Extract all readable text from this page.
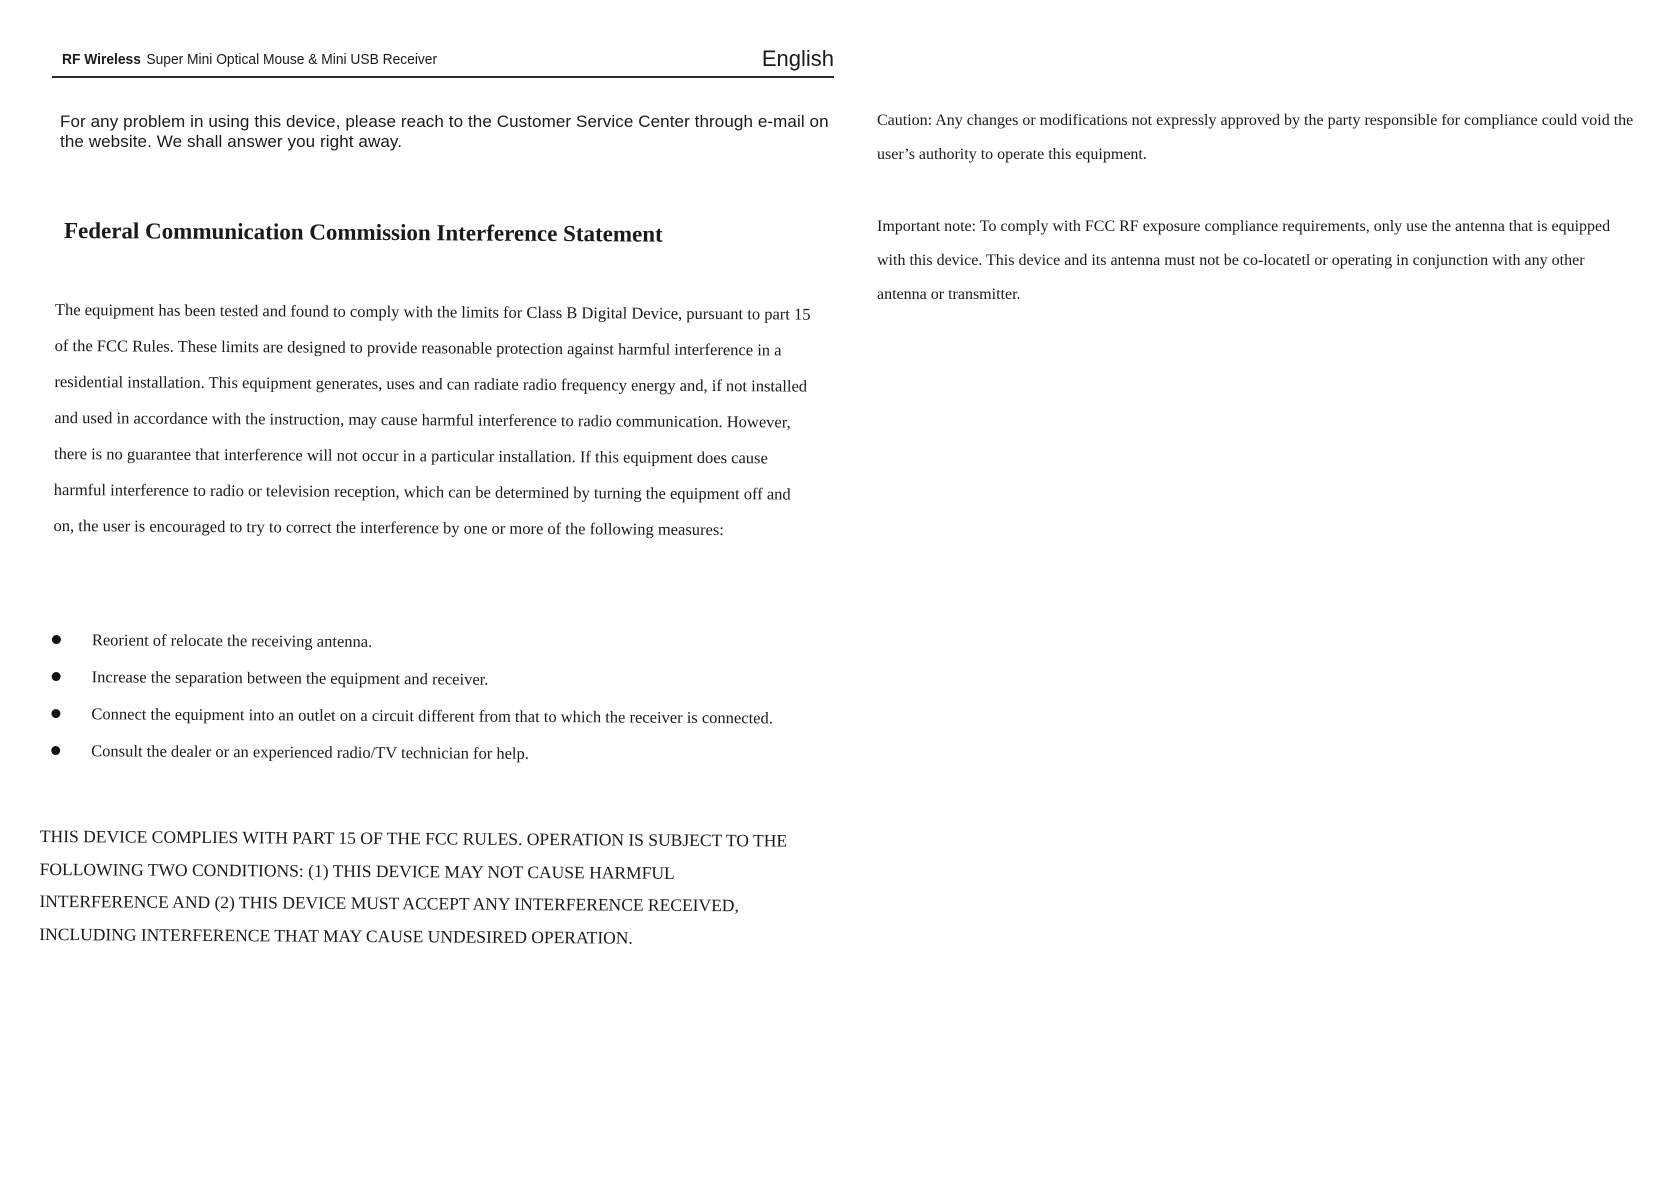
RF Wireless Super Mini Optical Mouse & Mini USB Receiver	English

For any problem in using this device, please reach to the Customer Service Center through e-mail on the website. We shall answer you right away.

Federal Communication Commission Interference Statement

The equipment has been tested and found to comply with the limits for Class B Digital Device, pursuant to part 15 of the FCC Rules. These limits are designed to provide reasonable protection against harmful interference in a residential installation. This equipment generates, uses and can radiate radio frequency energy and, if not installed and used in accordance with the instruction, may cause harmful interference to radio communication. However, there is no guarantee that interference will not occur in a particular installation. If this equipment does cause harmful interference to radio or television reception, which can be determined by turning the equipment off and on, the user is encouraged to try to correct the interference by one or more of the following measures:

Reorient of relocate the receiving antenna.
Increase the separation between the equipment and receiver.
Connect the equipment into an outlet on a circuit different from that to which the receiver is connected.
Consult the dealer or an experienced radio/TV technician for help.

THIS DEVICE COMPLIES WITH PART 15 OF THE FCC RULES. OPERATION IS SUBJECT TO THE FOLLOWING TWO CONDITIONS: (1) THIS DEVICE MAY NOT CAUSE HARMFUL INTERFERENCE AND (2) THIS DEVICE MUST ACCEPT ANY INTERFERENCE RECEIVED, INCLUDING INTERFERENCE THAT MAY CAUSE UNDESIRED OPERATION.

Caution: Any changes or modifications not expressly approved by the party responsible for compliance could void the user’s authority to operate this equipment.

Important note: To comply with FCC RF exposure compliance requirements, only use the antenna that is equipped with this device. This device and its antenna must not be co-locatetl or operating in conjunction with any other antenna or transmitter.
